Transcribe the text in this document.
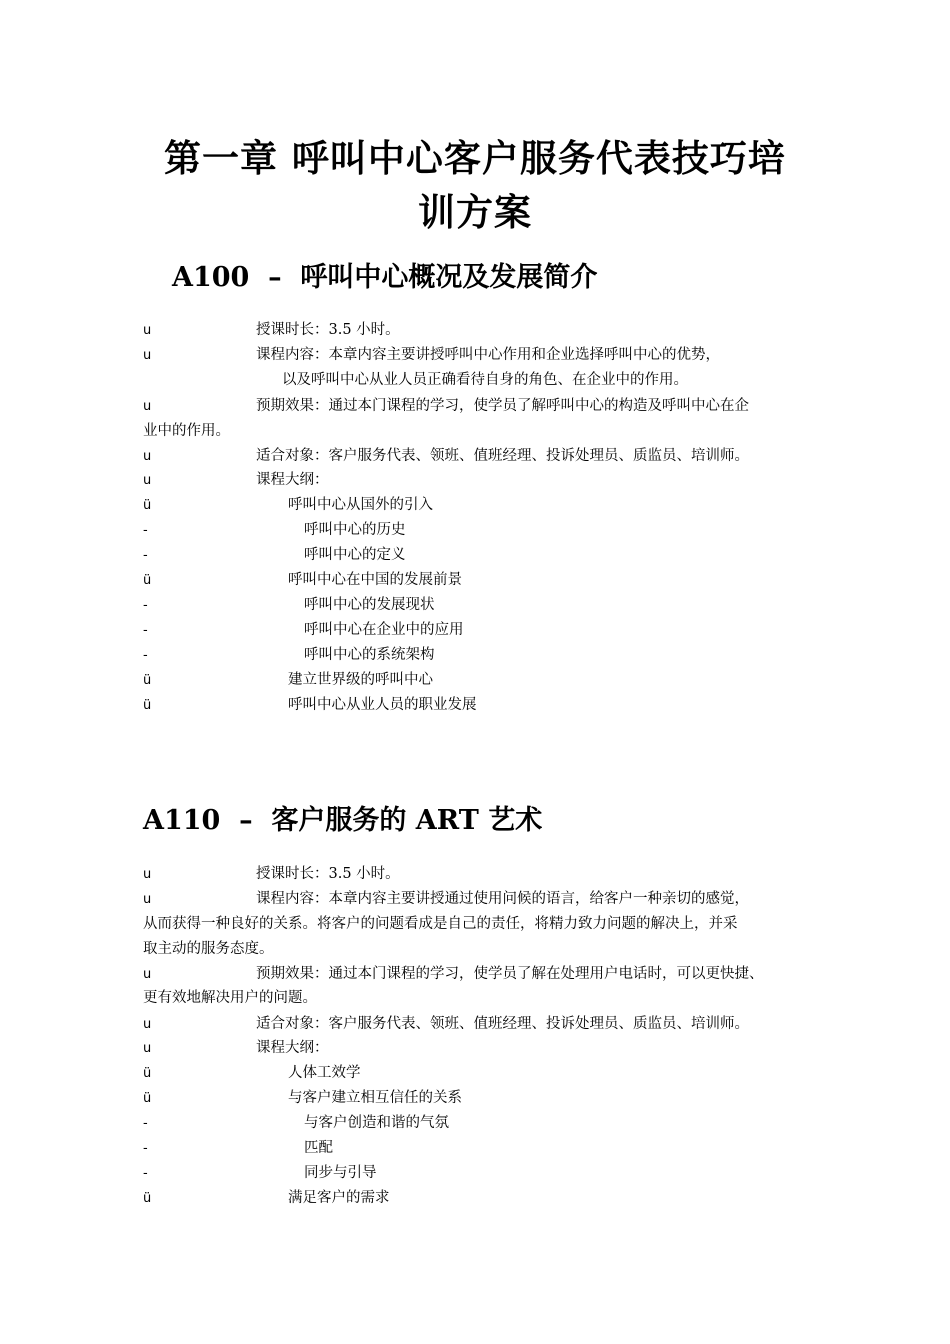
第一章 呼叫中心客户服务代表技巧培
训方案
A100  –  呼叫中心概况及发展简介
u	授课时长：3.5 小时。
u	课程内容：本章内容主要讲授呼叫中心作用和企业选择呼叫中心的优势，
以及呼叫中心从业人员正确看待自身的角色、在企业中的作用。
u	预期效果：通过本门课程的学习，使学员了解呼叫中心的构造及呼叫中心在企
业中的作用。
u	适合对象：客户服务代表、领班、值班经理、投诉处理员、质监员、培训师。
u	课程大纲：
ü	呼叫中心从国外的引入
-	呼叫中心的历史
-	呼叫中心的定义
ü	呼叫中心在中国的发展前景
-	呼叫中心的发展现状
-	呼叫中心在企业中的应用
-	呼叫中心的系统架构
ü	建立世界级的呼叫中心
ü	呼叫中心从业人员的职业发展
A110  –  客户服务的 ART 艺术
u	授课时长：3.5 小时。
u	课程内容：本章内容主要讲授通过使用问候的语言，给客户一种亲切的感觉，
从而获得一种良好的关系。将客户的问题看成是自己的责任，将精力致力问题的解决上，并采
取主动的服务态度。
u	预期效果：通过本门课程的学习，使学员了解在处理用户电话时，可以更快捷、
更有效地解决用户的问题。
u	适合对象：客户服务代表、领班、值班经理、投诉处理员、质监员、培训师。
u	课程大纲：
ü	人体工效学
ü	与客户建立相互信任的关系
-	与客户创造和谐的气氛
-	匹配
-	同步与引导
ü	满足客户的需求
